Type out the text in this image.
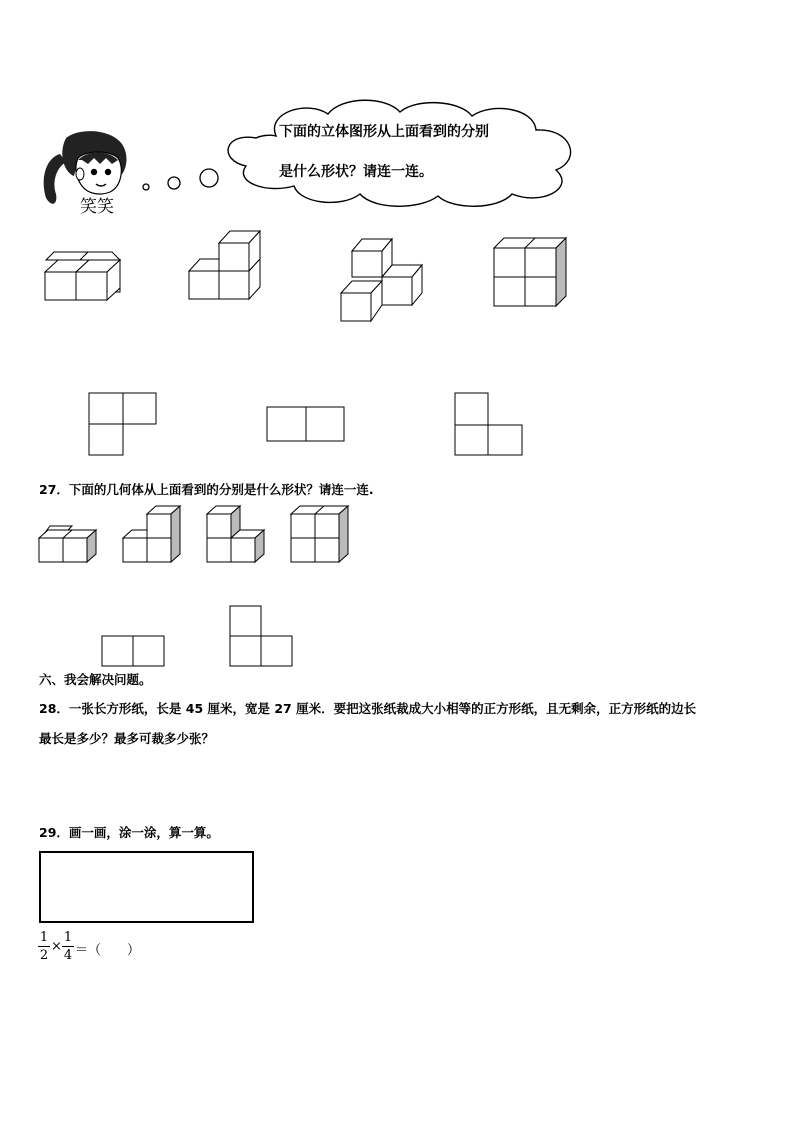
笑笑
下面的立体图形从上面看到的分别
是什么形状？请连一连。
27．下面的几何体从上面看到的分别是什么形状？请连一连.
六、我会解决问题。
28．一张长方形纸，长是 45 厘米，宽是 27 厘米．要把这张纸裁成大小相等的正方形纸，且无剩余，正方形纸的边长
最长是多少？最多可裁多少张？
29．画一画，涂一涂，算一算。
1
2
×
1
4 ＝（　　）
